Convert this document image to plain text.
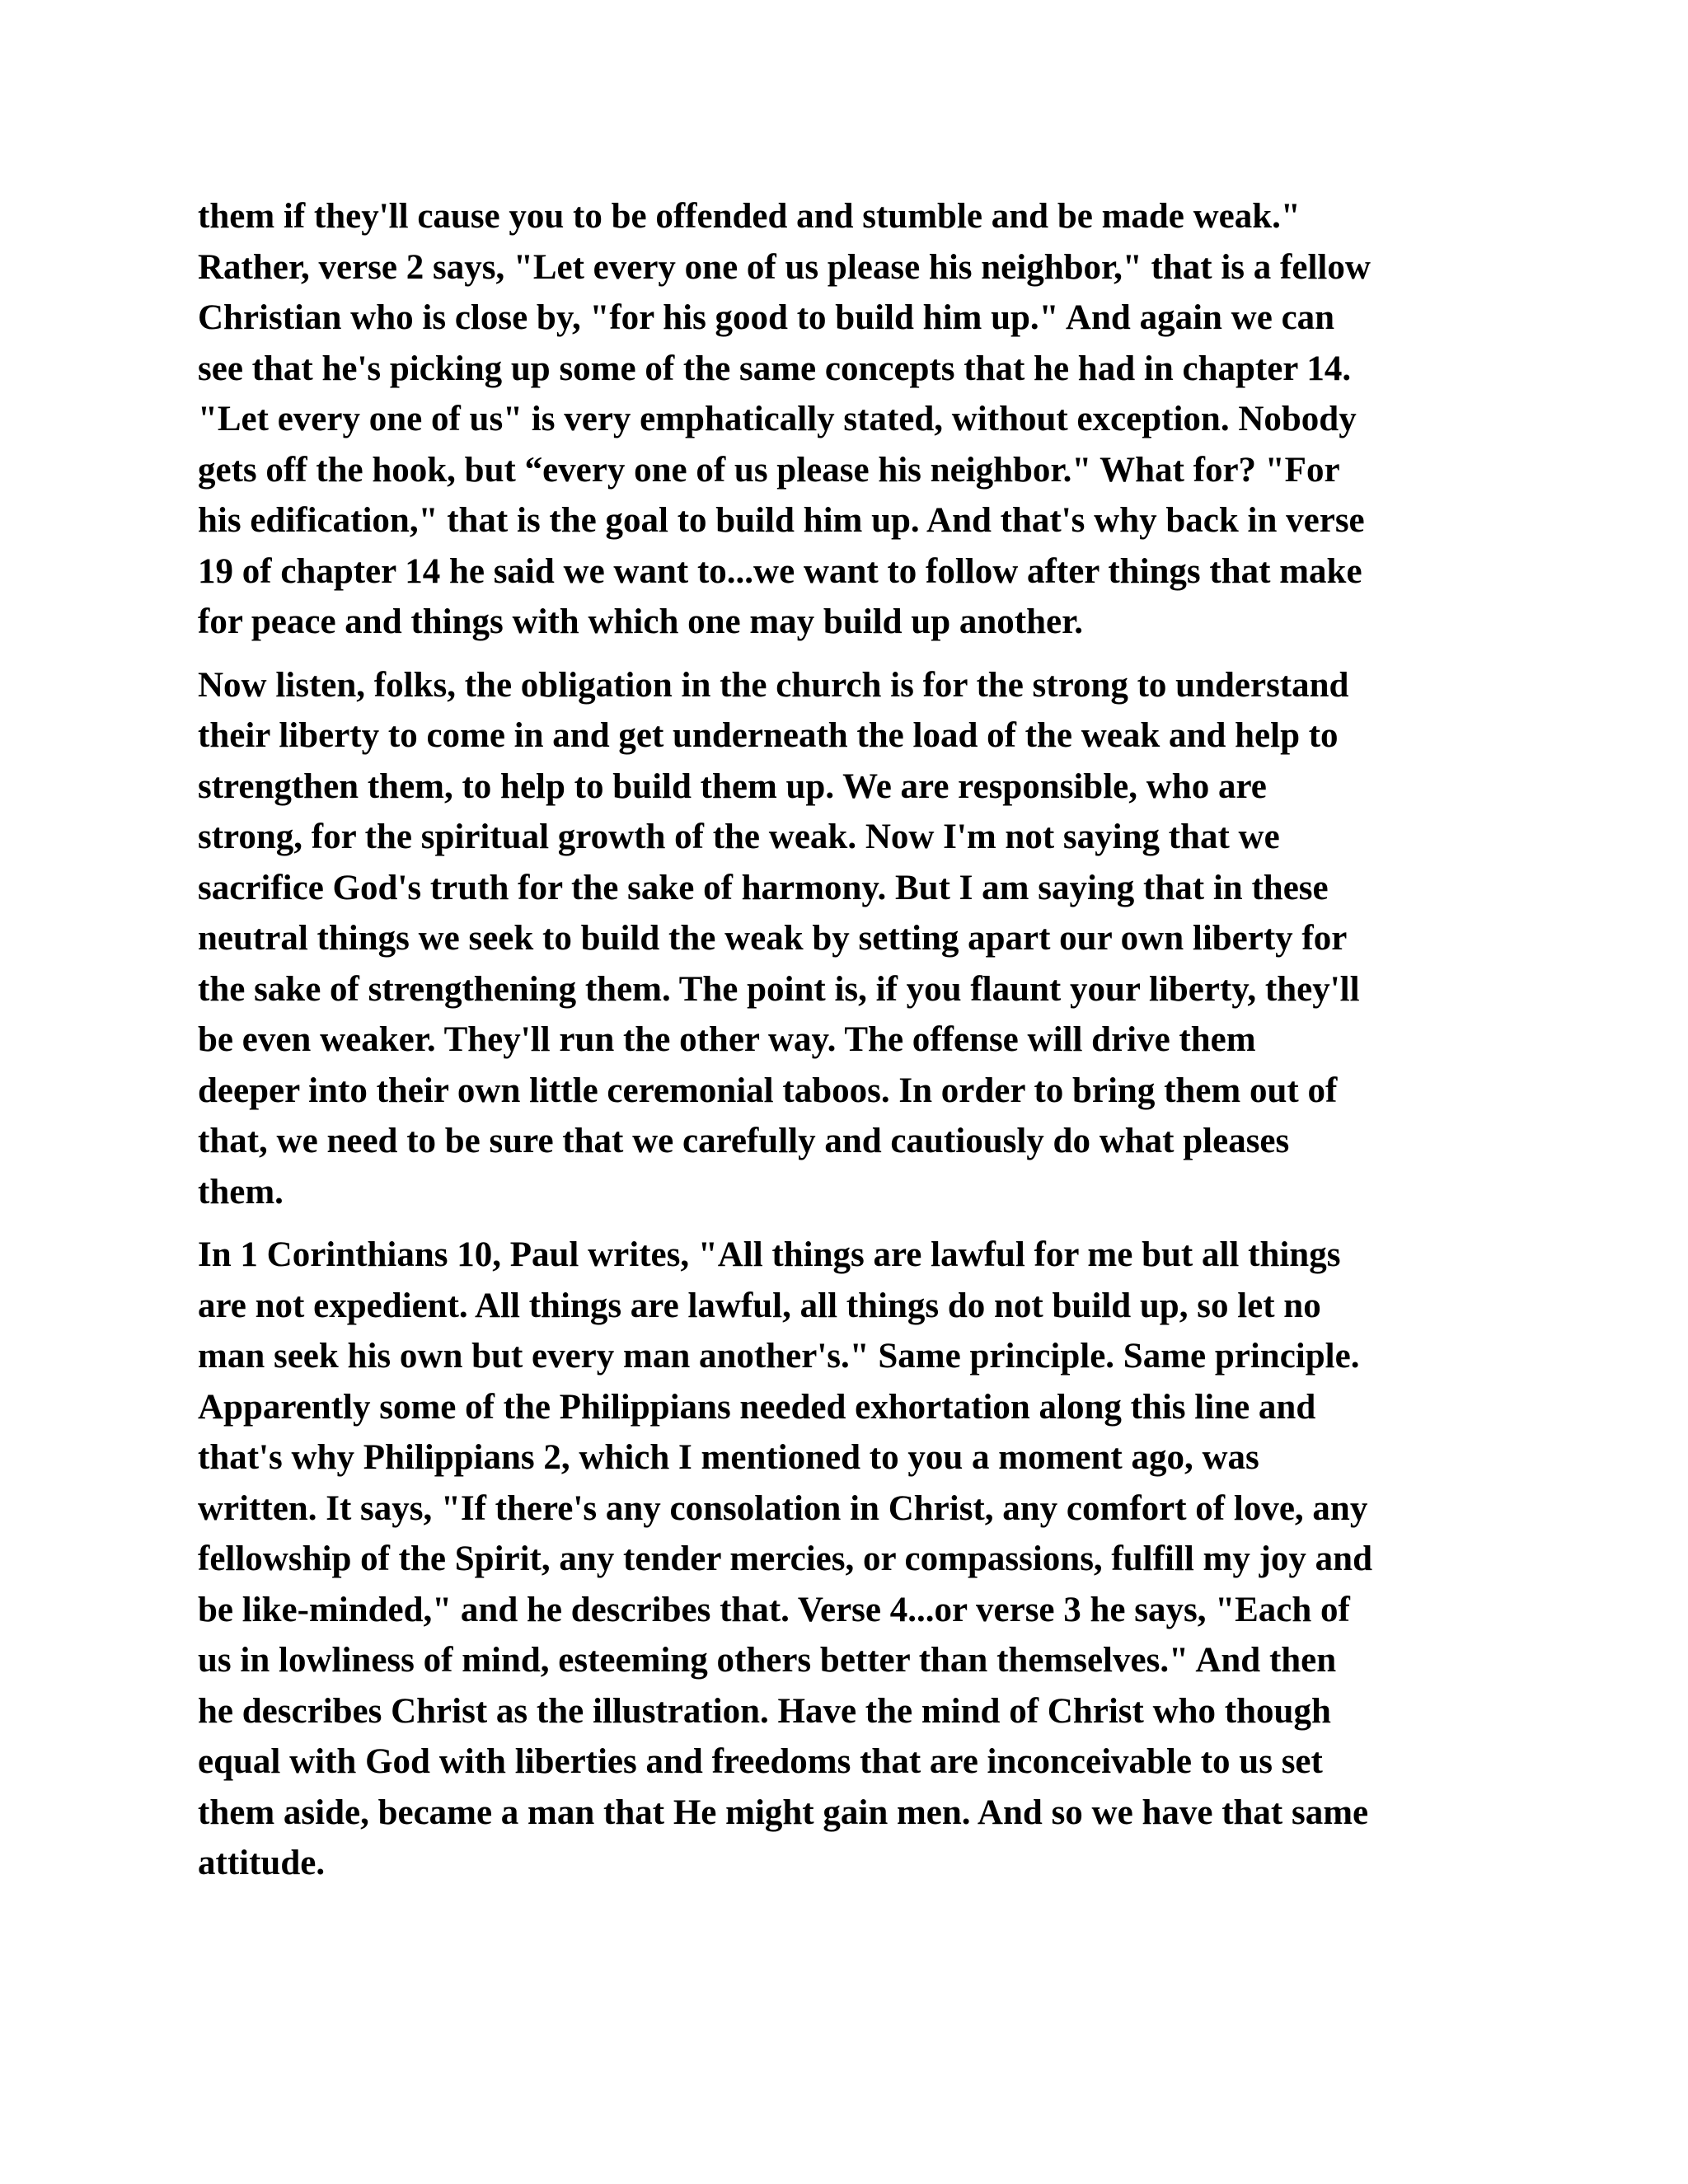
them if they'll cause you to be offended and stumble and be made weak."
Rather, verse 2 says, "Let every one of us please his neighbor," that is a fellow
Christian who is close by, "for his good to build him up." And again we can
see that he's picking up some of the same concepts that he had in chapter 14.
"Let every one of us" is very emphatically stated, without exception. Nobody
gets off the hook, but “every one of us please his neighbor." What for? "For
his edification," that is the goal to build him up. And that's why back in verse
19 of chapter 14 he said we want to...we want to follow after things that make
for peace and things with which one may build up another.

Now listen, folks, the obligation in the church is for the strong to understand
their liberty to come in and get underneath the load of the weak and help to
strengthen them, to help to build them up. We are responsible, who are
strong, for the spiritual growth of the weak. Now I'm not saying that we
sacrifice God's truth for the sake of harmony. But I am saying that in these
neutral things we seek to build the weak by setting apart our own liberty for
the sake of strengthening them. The point is, if you flaunt your liberty, they'll
be even weaker. They'll run the other way. The offense will drive them
deeper into their own little ceremonial taboos. In order to bring them out of
that, we need to be sure that we carefully and cautiously do what pleases
them.

In 1 Corinthians 10, Paul writes, "All things are lawful for me but all things
are not expedient. All things are lawful, all things do not build up, so let no
man seek his own but every man another's." Same principle. Same principle.
Apparently some of the Philippians needed exhortation along this line and
that's why Philippians 2, which I mentioned to you a moment ago, was
written. It says, "If there's any consolation in Christ, any comfort of love, any
fellowship of the Spirit, any tender mercies, or compassions, fulfill my joy and
be like-minded," and he describes that. Verse 4...or verse 3 he says, "Each of
us in lowliness of mind, esteeming others better than themselves." And then
he describes Christ as the illustration. Have the mind of Christ who though
equal with God with liberties and freedoms that are inconceivable to us set
them aside, became a man that He might gain men. And so we have that same
attitude.
